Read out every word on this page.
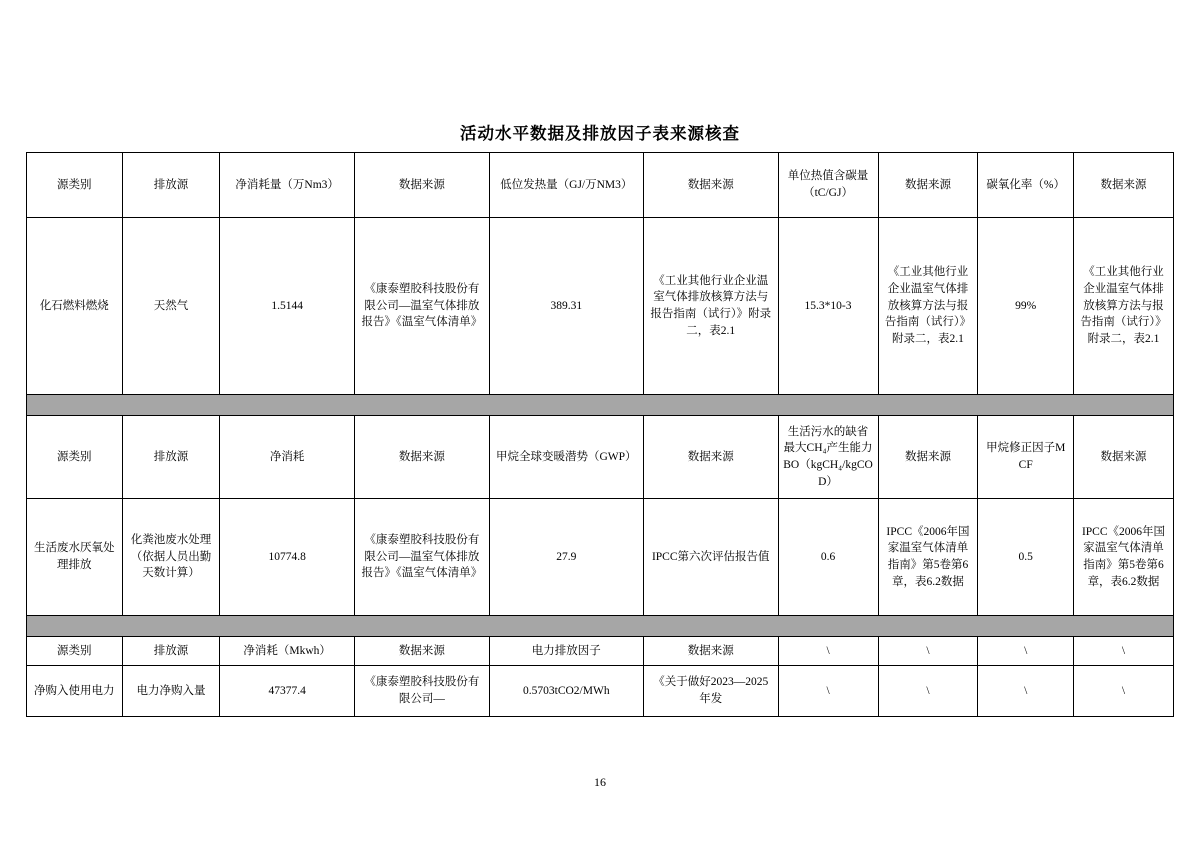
活动水平数据及排放因子表来源核查
源类别	排放源	净消耗量（万Nm3）	数据来源	低位发热量（GJ/万NM3）	数据来源	单位热值含碳量（tC/GJ）	数据来源	碳氧化率（%）	数据来源
化石燃料燃烧	天然气	1.5144	《康泰塑胶科技股份有限公司—温室气体排放报告》《温室气体清单》	389.31	《工业其他行业企业温室气体排放核算方法与报告指南（试行）》附录二，表2.1	15.3*10-3	《工业其他行业企业温室气体排放核算方法与报告指南（试行）》附录二，表2.1	99%	《工业其他行业企业温室气体排放核算方法与报告指南（试行）》附录二，表2.1

源类别	排放源	净消耗	数据来源	甲烷全球变暖潜势（GWP）	数据来源	生活污水的缺省最大CH₄产生能力BO（kgCH₄/kgCOD）	数据来源	甲烷修正因子MCF	数据来源
生活废水厌氧处理排放	化粪池废水处理（依据人员出勤天数计算）	10774.8	《康泰塑胶科技股份有限公司—温室气体排放报告》《温室气体清单》	27.9	IPCC第六次评估报告值	0.6	IPCC《2006年国家温室气体清单指南》第5卷第6章，表6.2数据	0.5	IPCC《2006年国家温室气体清单指南》第5卷第6章，表6.2数据

源类别	排放源	净消耗（Mkwh）	数据来源	电力排放因子	数据来源	\	\	\	\
净购入使用电力	电力净购入量	47377.4	《康泰塑胶科技股份有限公司—	0.5703tCO2/MWh	《关于做好2023—2025年发	\	\	\	\
16
